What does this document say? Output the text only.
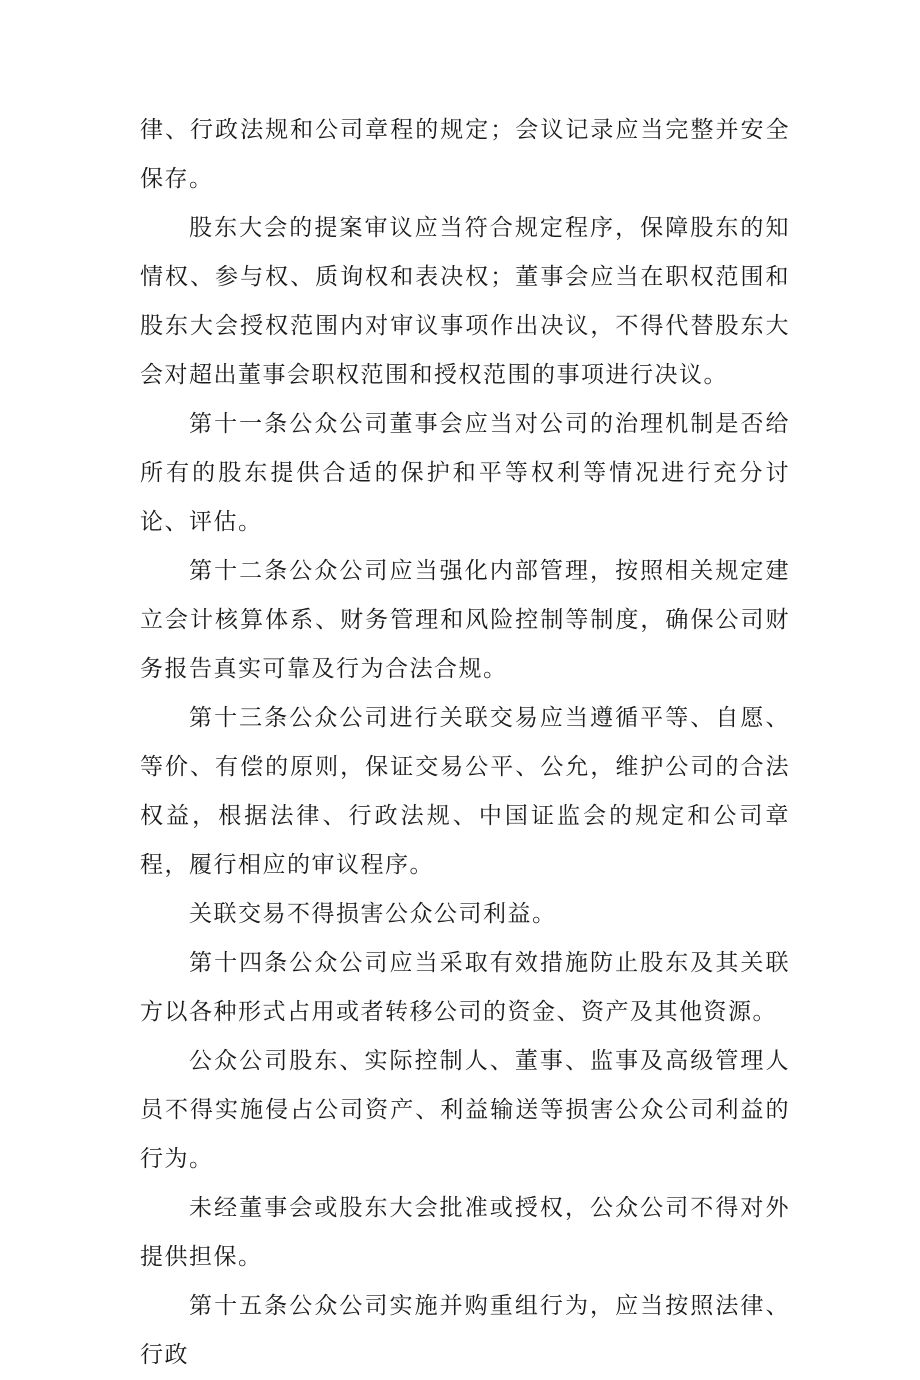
律、行政法规和公司章程的规定；会议记录应当完整并安全保存。

股东大会的提案审议应当符合规定程序，保障股东的知情权、参与权、质询权和表决权；董事会应当在职权范围和股东大会授权范围内对审议事项作出决议，不得代替股东大会对超出董事会职权范围和授权范围的事项进行决议。

第十一条公众公司董事会应当对公司的治理机制是否给所有的股东提供合适的保护和平等权利等情况进行充分讨论、评估。

第十二条公众公司应当强化内部管理，按照相关规定建立会计核算体系、财务管理和风险控制等制度，确保公司财务报告真实可靠及行为合法合规。

第十三条公众公司进行关联交易应当遵循平等、自愿、等价、有偿的原则，保证交易公平、公允，维护公司的合法权益，根据法律、行政法规、中国证监会的规定和公司章程，履行相应的审议程序。

关联交易不得损害公众公司利益。

第十四条公众公司应当采取有效措施防止股东及其关联方以各种形式占用或者转移公司的资金、资产及其他资源。

公众公司股东、实际控制人、董事、监事及高级管理人员不得实施侵占公司资产、利益输送等损害公众公司利益的行为。

未经董事会或股东大会批准或授权，公众公司不得对外提供担保。

第十五条公众公司实施并购重组行为，应当按照法律、行政
